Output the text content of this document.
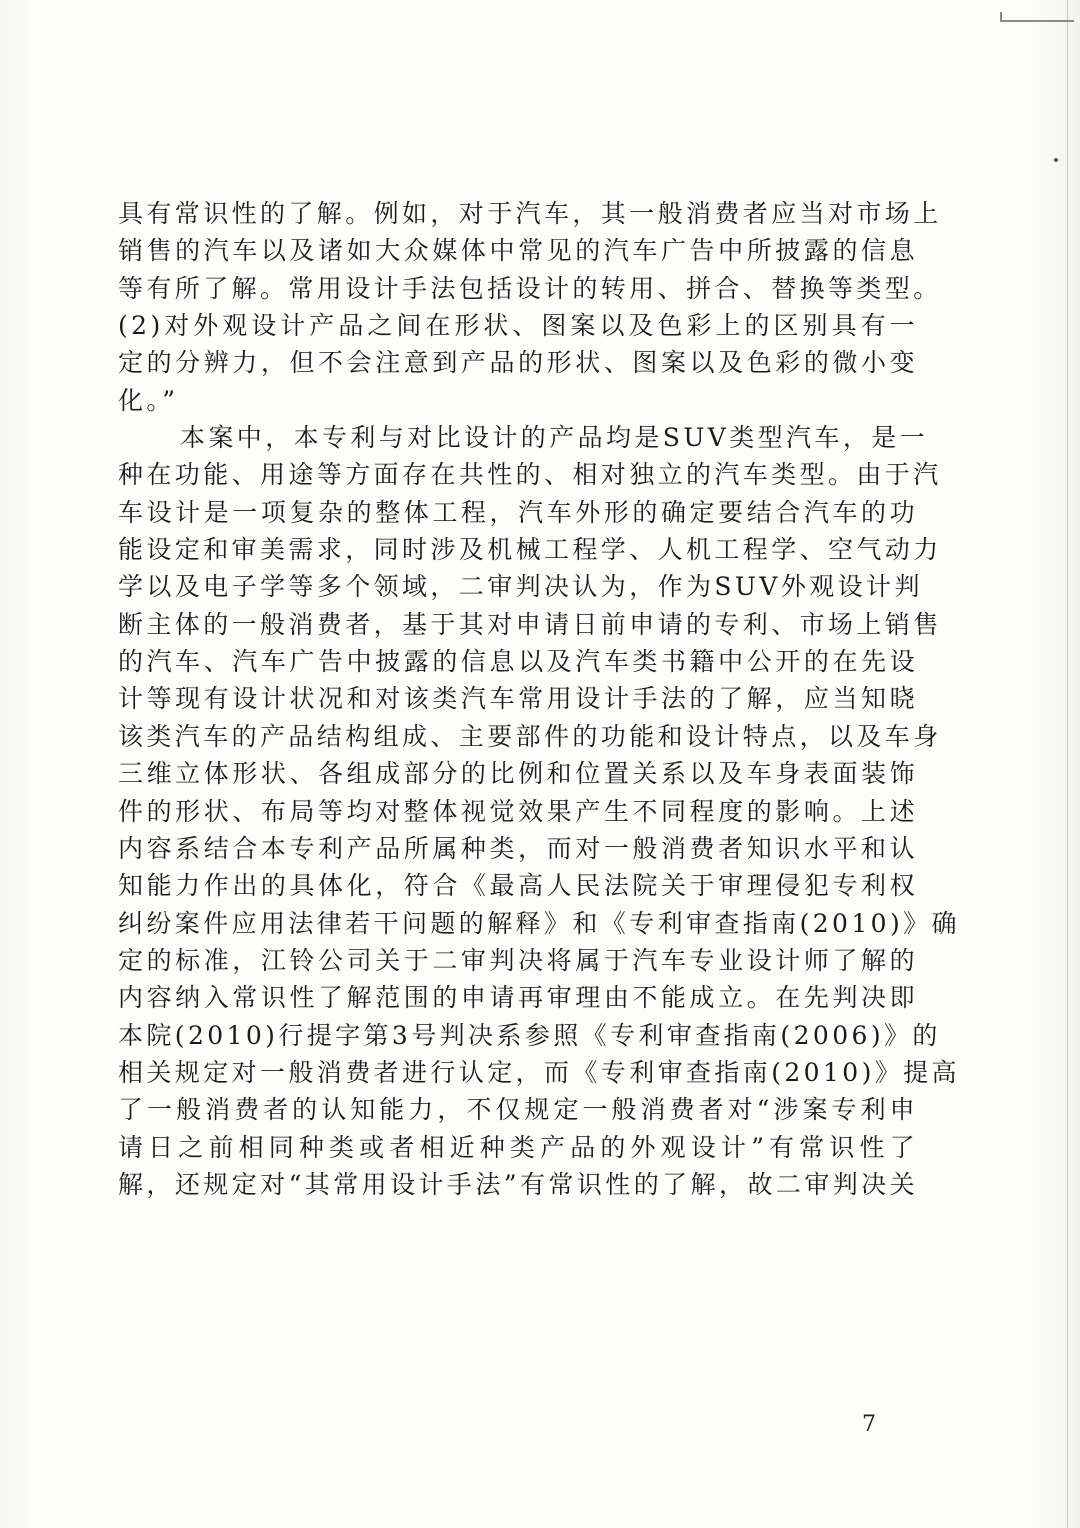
具有常识性的了解。例如，对于汽车，其一般消费者应当对市场上
销售的汽车以及诸如大众媒体中常见的汽车广告中所披露的信息
等有所了解。常用设计手法包括设计的转用、拼合、替换等类型。
(2)对外观设计产品之间在形状、图案以及色彩上的区别具有一
定的分辨力，但不会注意到产品的形状、图案以及色彩的微小变
化。”
本案中，本专利与对比设计的产品均是SUV类型汽车，是一
种在功能、用途等方面存在共性的、相对独立的汽车类型。由于汽
车设计是一项复杂的整体工程，汽车外形的确定要结合汽车的功
能设定和审美需求，同时涉及机械工程学、人机工程学、空气动力
学以及电子学等多个领域，二审判决认为，作为SUV外观设计判
断主体的一般消费者，基于其对申请日前申请的专利、市场上销售
的汽车、汽车广告中披露的信息以及汽车类书籍中公开的在先设
计等现有设计状况和对该类汽车常用设计手法的了解，应当知晓
该类汽车的产品结构组成、主要部件的功能和设计特点，以及车身
三维立体形状、各组成部分的比例和位置关系以及车身表面装饰
件的形状、布局等均对整体视觉效果产生不同程度的影响。上述
内容系结合本专利产品所属种类，而对一般消费者知识水平和认
知能力作出的具体化，符合《最高人民法院关于审理侵犯专利权
纠纷案件应用法律若干问题的解释》和《专利审查指南(2010)》确
定的标准，江铃公司关于二审判决将属于汽车专业设计师了解的
内容纳入常识性了解范围的申请再审理由不能成立。在先判决即
本院(2010)行提字第3号判决系参照《专利审查指南(2006)》的
相关规定对一般消费者进行认定，而《专利审查指南(2010)》提高
了一般消费者的认知能力，不仅规定一般消费者对“涉案专利申
请日之前相同种类或者相近种类产品的外观设计”有常识性了
解，还规定对“其常用设计手法”有常识性的了解，故二审判决关
7
